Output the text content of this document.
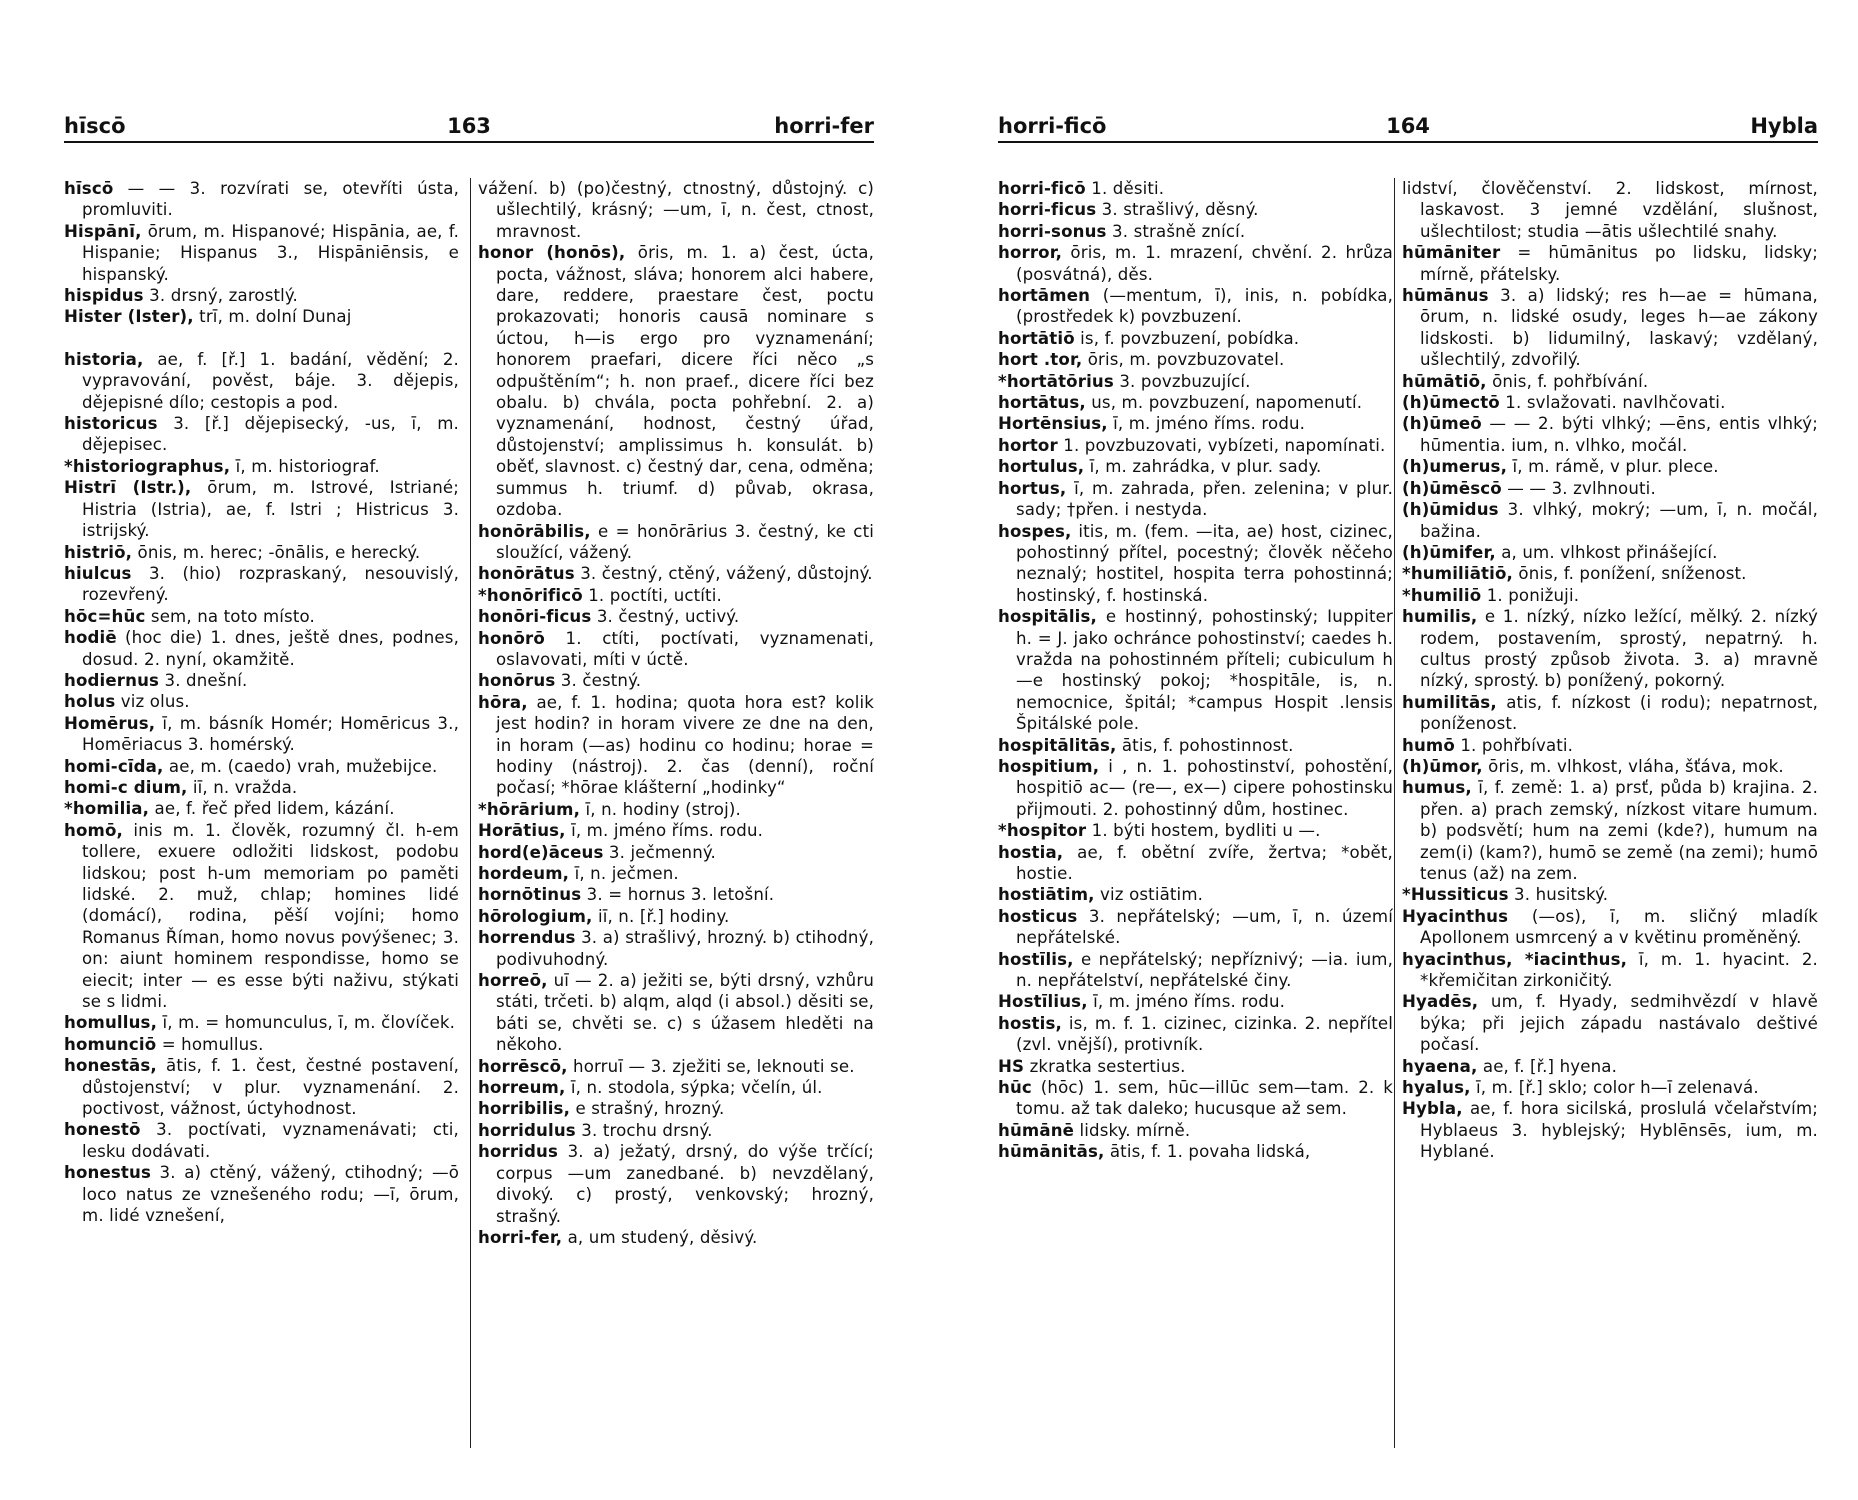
hīscō	163	horri-fer

hīscō — — 3. rozvírati se, otevříti ústa, promluviti.

Hispānī, ōrum, m. Hispanové; Hispānia, ae, f. Hispanie; Hispanus 3., Hispāniēnsis, e hispanský.

hispidus 3. drsný, zarostlý.

Hister (Ister), trī, m. dolní Dunaj

historia, ae, f. [ř.] 1. badání, vědění; 2. vypravování, pověst, báje. 3. dějepis, dějepisné dílo; cestopis a pod.

historicus 3. [ř.] dějepisecký, -us, ī, m. dějepisec.

*historiographus, ī, m. historiograf.

Histrī (Istr.), ōrum, m. Istrové, Istriané; Histria (Istria), ae, f. Istri ; Histricus 3. istrijský.

histriō, ōnis, m. herec; -ōnālis, e herecký.

hiulcus 3. (hio) rozpraskaný, nesouvislý, rozevřený.

hōc=hūc sem, na toto místo.

hodiē (hoc die) 1. dnes, ještě dnes, podnes, dosud. 2. nyní, okamžitě.

hodiernus 3. dnešní.

holus viz olus.

Homērus, ī, m. básník Homér; Homēricus 3., Homēriacus 3. homérský.

homi-cīda, ae, m. (caedo) vrah, mužebijce.

homi-c dium, iī, n. vražda.

*homilia, ae, f. řeč před lidem, kázání.

homō, inis m. 1. člověk, rozumný čl. h-em tollere, exuere odložiti lidskost, podobu lidskou; post h-um memoriam po paměti lidské. 2. muž, chlap; homines lidé (domácí), rodina, pěší vojíni; homo Romanus Říman, homo novus povýšenec; 3. on: aiunt hominem respondisse, homo se eiecit; inter — es esse býti naživu, stýkati se s lidmi.

homullus, ī, m. = homunculus, ī, m. človíček.

homunciō = homullus.

honestās, ātis, f. 1. čest, čestné postavení, důstojenství; v plur. vyznamenání. 2. poctivost, vážnost, úctyhodnost.

honestō 3. poctívati, vyznamenávati; cti, lesku dodávati.

honestus 3. a) ctěný, vážený, ctihodný; —ō loco natus ze vznešeného rodu; —ī, ōrum, m. lidé vznešení,

vážení. b) (po)čestný, ctnostný, důstojný. c) ušlechtilý, krásný; —um, ī, n. čest, ctnost, mravnost.

honor (honōs), ōris, m. 1. a) čest, úcta, pocta, vážnost, sláva; honorem alci habere, dare, reddere, praestare čest, poctu prokazovati; honoris causā nominare s úctou, h—is ergo pro vyznamenání; honorem praefari, dicere říci něco „s odpuštěním“; h. non praef., dicere říci bez obalu. b) chvála, pocta pohřební. 2. a) vyznamenání, hodnost, čestný úřad, důstojenství; amplissimus h. konsulát. b) oběť, slavnost. c) čestný dar, cena, odměna; summus h. triumf. d) půvab, okrasa, ozdoba.

honōrābilis, e = honōrārius 3. čestný, ke cti sloužící, vážený.

honōrātus 3. čestný, ctěný, vážený, důstojný.

*honōrificō 1. poctíti, uctíti.

honōri-ficus 3. čestný, uctivý.

honōrō 1. ctíti, poctívati, vyznamenati, oslavovati, míti v úctě.

honōrus 3. čestný.

hōra, ae, f. 1. hodina; quota hora est? kolik jest hodin? in horam vivere ze dne na den, in horam (—as) hodinu co hodinu; horae = hodiny (nástroj). 2. čas (denní), roční počasí; *hōrae klášterní „hodinky“

*hōrārium, ī, n. hodiny (stroj).

Horātius, ī, m. jméno říms. rodu.

hord(e)āceus 3. ječmenný.

hordeum, ī, n. ječmen.

hornōtinus 3. = hornus 3. letošní.

hōrologium, iī, n. [ř.] hodiny.

horrendus 3. a) strašlivý, hrozný. b) ctihodný, podivuhodný.

horreō, uī — 2. a) ježiti se, býti drsný, vzhůru státi, trčeti. b) alqm, alqd (i absol.) děsiti se, báti se, chvěti se. c) s úžasem hleděti na někoho.

horrēscō, horruī — 3. zježiti se, leknouti se.

horreum, ī, n. stodola, sýpka; včelín, úl.

horribilis, e strašný, hrozný.

horridulus 3. trochu drsný.

horridus 3. a) ježatý, drsný, do výše trčící; corpus —um zanedbané. b) nevzdělaný, divoký. c) prostý, venkovský; hrozný, strašný.

horri-fer, a, um studený, děsivý.

horri-ficō	164	Hybla

horri-ficō 1. děsiti.

horri-ficus 3. strašlivý, děsný.

horri-sonus 3. strašně znící.

horror, ōris, m. 1. mrazení, chvění. 2. hrůza (posvátná), děs.

hortāmen (—mentum, ī), inis, n. pobídka, (prostředek k) povzbuzení.

hortātiō is, f. povzbuzení, pobídka.

hort .tor, ōris, m. povzbuzovatel.

*hortātōrius 3. povzbuzující.

hortātus, us, m. povzbuzení, napomenutí.

Hortēnsius, ī, m. jméno říms. rodu.

hortor 1. povzbuzovati, vybízeti, napomínati.

hortulus, ī, m. zahrádka, v plur. sady.

hortus, ī, m. zahrada, přen. zelenina; v plur. sady; †přen. i nestyda.

hospes, itis, m. (fem. —ita, ae) host, cizinec, pohostinný přítel, pocestný; člověk něčeho neznalý; hostitel, hospita terra pohostinná; hostinský, f. hostinská.

hospitālis, e hostinný, pohostinský; Iuppiter h. = J. jako ochránce pohostinství; caedes h. vražda na pohostinném příteli; cubiculum h—e hostinský pokoj; *hospitāle, is, n. nemocnice, špitál; *campus Hospit .lensis Špitálské pole.

hospitālitās, ātis, f. pohostinnost.

hospitium, i , n. 1. pohostinství, pohostění, hospitiō ac— (re—, ex—) cipere pohostinsku přijmouti. 2. pohostinný dům, hostinec.

*hospitor 1. býti hostem, bydliti u —.

hostia, ae, f. obětní zvíře, žertva; *obět, hostie.

hostiātim, viz ostiātim.

hosticus 3. nepřátelský; —um, ī, n. území nepřátelské.

hostīlis, e nepřátelský; nepříznivý; —ia. ium, n. nepřátelství, nepřátelské činy.

Hostīlius, ī, m. jméno říms. rodu.

hostis, is, m. f. 1. cizinec, cizinka. 2. nepřítel (zvl. vnější), protivník.

HS zkratka sestertius.

hūc (hōc) 1. sem, hūc—illūc sem—tam. 2. k tomu. až tak daleko; hucusque až sem.

hūmānē lidsky. mírně.

hūmānitās, ātis, f. 1. povaha lidská,

lidství, člověčenství. 2. lidskost, mírnost, laskavost. 3 jemné vzdělání, slušnost, ušlechtilost; studia —ātis ušlechtilé snahy.

hūmāniter = hūmānitus po lidsku, lidsky; mírně, přátelsky.

hūmānus 3. a) lidský; res h—ae = hūmana, ōrum, n. lidské osudy, leges h—ae zákony lidskosti. b) lidumilný, laskavý; vzdělaný, ušlechtilý, zdvořilý.

hūmātiō, ōnis, f. pohřbívání.

(h)ūmectō 1. svlažovati. navlhčovati.

(h)ūmeō — — 2. býti vlhký; —ēns, entis vlhký; hūmentia. ium, n. vlhko, močál.

(h)umerus, ī, m. rámě, v plur. plece.

(h)ūmēscō — — 3. zvlhnouti.

(h)ūmidus 3. vlhký, mokrý; —um, ī, n. močál, bažina.

(h)ūmifer, a, um. vlhkost přinášející.

*humiliātiō, ōnis, f. ponížení, sníženost.

*humiliō 1. ponižuji.

humilis, e 1. nízký, nízko ležící, mělký. 2. nízký rodem, postavením, sprostý, nepatrný. h. cultus prostý způsob života. 3. a) mravně nízký, sprostý. b) ponížený, pokorný.

humilitās, atis, f. nízkost (i rodu); nepatrnost, poníženost.

humō 1. pohřbívati.

(h)ūmor, ōris, m. vlhkost, vláha, šťáva, mok.

humus, ī, f. země: 1. a) prsť, půda b) krajina. 2. přen. a) prach zemský, nízkost vitare humum. b) podsvětí; hum na zemi (kde?), humum na zem(i) (kam?), humō se země (na zemi); humō tenus (až) na zem.

*Hussiticus 3. husitský.

Hyacinthus (—os), ī, m. sličný mladík Apollonem usmrcený a v květinu proměněný.

hyacinthus, *iacinthus, ī, m. 1. hyacint. 2. *křemičitan zirkoničitý.

Hyadēs, um, f. Hyady, sedmihvězdí v hlavě býka; při jejich západu nastávalo deštivé počasí.

hyaena, ae, f. [ř.] hyena.

hyalus, ī, m. [ř.] sklo; color h—ī zelenavá.

Hybla, ae, f. hora sicilská, proslulá včelařstvím; Hyblaeus 3. hyblejský; Hyblēnsēs, ium, m. Hyblané.
